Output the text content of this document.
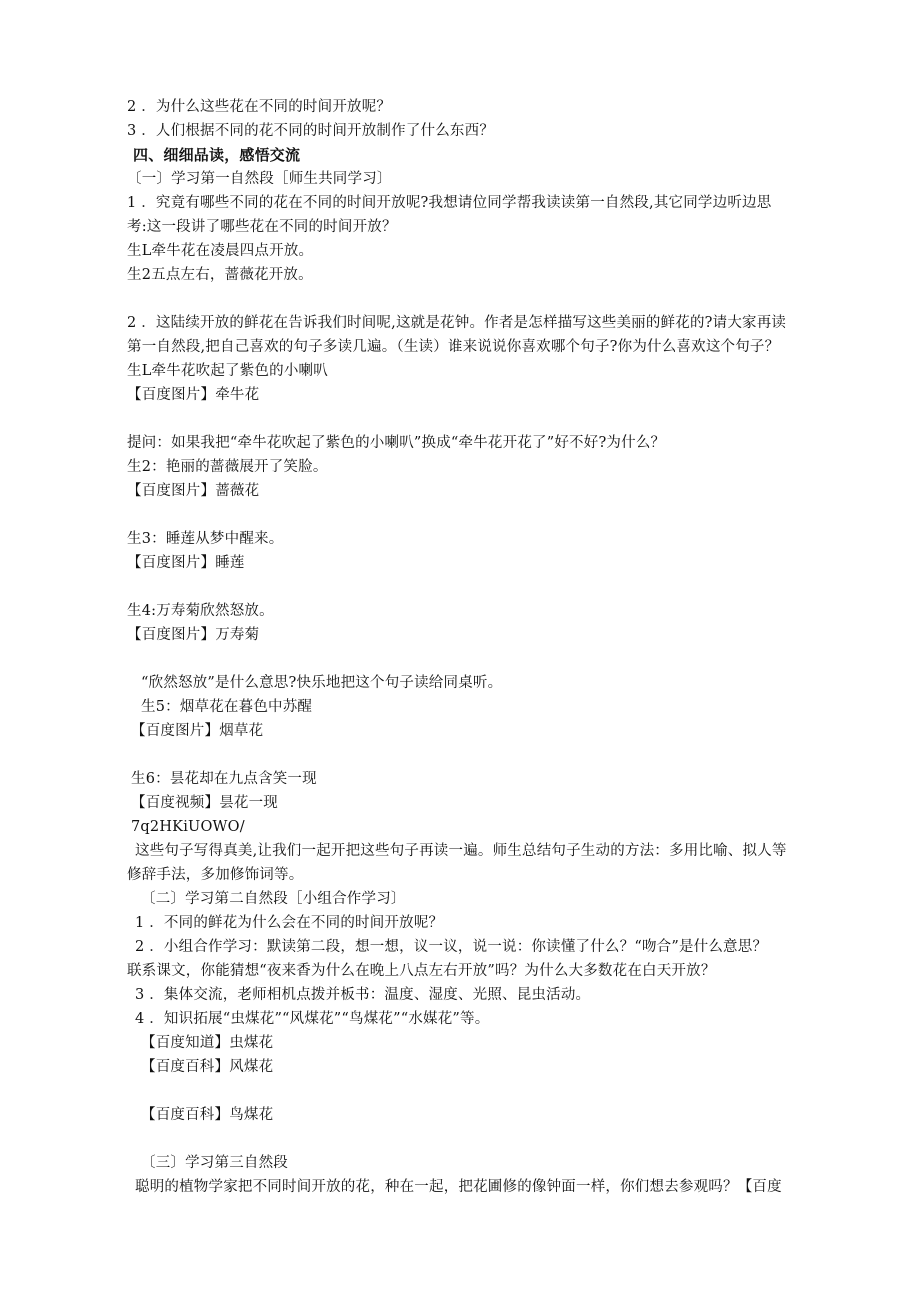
2 ．为什么这些花在不同的时间开放呢？
3 ．人们根据不同的花不同的时间开放制作了什么东西？
四、细细品读，感悟交流
〔一〕学习第一自然段［师生共同学习〕
1 ．究竟有哪些不同的花在不同的时间开放呢?我想请位同学帮我读读第一自然段,其它同学边听边思
考:这一段讲了哪些花在不同的时间开放？
生L牵牛花在凌晨四点开放。
生2五点左右，蔷薇花开放。
2 ．这陆续开放的鲜花在告诉我们时间呢,这就是花钟。作者是怎样描写这些美丽的鲜花的?请大家再读
第一自然段,把自己喜欢的句子多读几遍。（生读）谁来说说你喜欢哪个句子?你为什么喜欢这个句子？
生L牵牛花吹起了紫色的小喇叭
【百度图片】牵牛花
提问：如果我把“牵牛花吹起了紫色的小喇叭”换成“牵牛花开花了”好不好?为什么？
生2：艳丽的蔷薇展开了笑脸。
【百度图片】蔷薇花
生3：睡莲从梦中醒来。
【百度图片】睡莲
生4:万寿菊欣然怒放。
【百度图片】万寿菊
“欣然怒放”是什么意思?快乐地把这个句子读给同桌听。
生5：烟草花在暮色中苏醒
【百度图片】烟草花
生6：昙花却在九点含笑一现
【百度视频】昙花一现
7q2HKiUOWO/
这些句子写得真美,让我们一起开把这些句子再读一遍。师生总结句子生动的方法：多用比喻、拟人等
修辞手法，多加修饰词等。
〔二〕学习第二自然段［小组合作学习〕
1 ．不同的鲜花为什么会在不同的时间开放呢？
2 ．小组合作学习：默读第二段，想一想，议一议，说一说：你读懂了什么？“吻合”是什么意思？
联系课文，你能猜想“夜来香为什么在晚上八点左右开放”吗？为什么大多数花在白天开放？
3 ．集体交流，老师相机点拨并板书：温度、湿度、光照、昆虫活动。
4 ．知识拓展“虫煤花”“风煤花”“鸟煤花”“水媒花”等。
【百度知道】虫煤花
【百度百科】风煤花
【百度百科】鸟煤花
〔三〕学习第三自然段
聪明的植物学家把不同时间开放的花，种在一起，把花圃修的像钟面一样，你们想去参观吗？【百度
